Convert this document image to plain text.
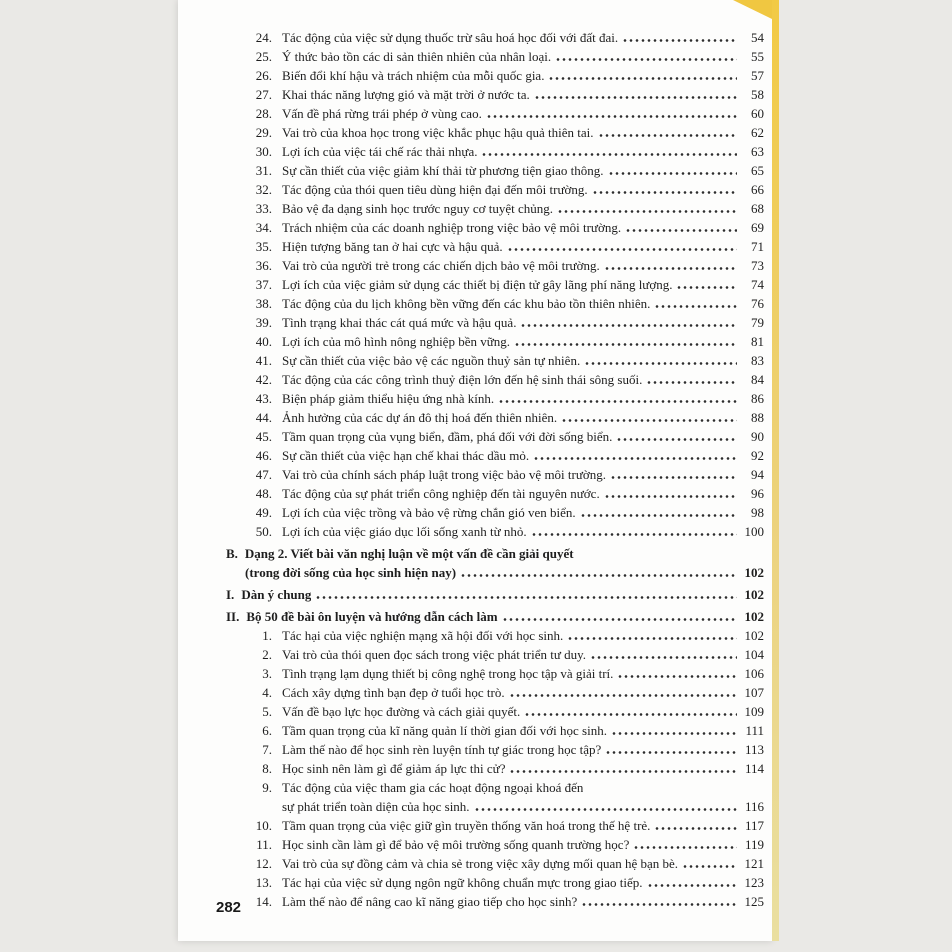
24. Tác động của việc sử dụng thuốc trừ sâu hoá học đối với đất đai.	54
25. Ý thức bảo tồn các di sản thiên nhiên của nhân loại.	55
26. Biến đổi khí hậu và trách nhiệm của mỗi quốc gia.	57
27. Khai thác năng lượng gió và mặt trời ở nước ta.	58
28. Vấn đề phá rừng trái phép ở vùng cao.	60
29. Vai trò của khoa học trong việc khắc phục hậu quả thiên tai.	62
30. Lợi ích của việc tái chế rác thải nhựa.	63
31. Sự cần thiết của việc giảm khí thải từ phương tiện giao thông.	65
32. Tác động của thói quen tiêu dùng hiện đại đến môi trường.	66
33. Bảo vệ đa dạng sinh học trước nguy cơ tuyệt chủng.	68
34. Trách nhiệm của các doanh nghiệp trong việc bảo vệ môi trường.	69
35. Hiện tượng băng tan ở hai cực và hậu quả.	71
36. Vai trò của người trẻ trong các chiến dịch bảo vệ môi trường.	73
37. Lợi ích của việc giảm sử dụng các thiết bị điện tử gây lãng phí năng lượng.	74
38. Tác động của du lịch không bền vững đến các khu bảo tồn thiên nhiên.	76
39. Tình trạng khai thác cát quá mức và hậu quả.	79
40. Lợi ích của mô hình nông nghiệp bền vững.	81
41. Sự cần thiết của việc bảo vệ các nguồn thuỷ sản tự nhiên.	83
42. Tác động của các công trình thuỷ điện lớn đến hệ sinh thái sông suối.	84
43. Biện pháp giảm thiểu hiệu ứng nhà kính.	86
44. Ảnh hưởng của các dự án đô thị hoá đến thiên nhiên.	88
45. Tầm quan trọng của vụng biển, đầm, phá đối với đời sống biển.	90
46. Sự cần thiết của việc hạn chế khai thác dầu mỏ.	92
47. Vai trò của chính sách pháp luật trong việc bảo vệ môi trường.	94
48. Tác động của sự phát triển công nghiệp đến tài nguyên nước.	96
49. Lợi ích của việc trồng và bảo vệ rừng chắn gió ven biển.	98
50. Lợi ích của việc giáo dục lối sống xanh từ nhỏ.	100
B. Dạng 2. Viết bài văn nghị luận về một vấn đề cần giải quyết
(trong đời sống của học sinh hiện nay)	102
I. Dàn ý chung	102
II. Bộ 50 đề bài ôn luyện và hướng dẫn cách làm	102
1. Tác hại của việc nghiện mạng xã hội đối với học sinh.	102
2. Vai trò của thói quen đọc sách trong việc phát triển tư duy.	104
3. Tình trạng lạm dụng thiết bị công nghệ trong học tập và giải trí.	106
4. Cách xây dựng tình bạn đẹp ở tuổi học trò.	107
5. Vấn đề bạo lực học đường và cách giải quyết.	109
6. Tầm quan trọng của kĩ năng quản lí thời gian đối với học sinh.	111
7. Làm thế nào để học sinh rèn luyện tính tự giác trong học tập?	113
8. Học sinh nên làm gì để giảm áp lực thi cử?	114
9. Tác động của việc tham gia các hoạt động ngoại khoá đến
sự phát triển toàn diện của học sinh.	116
10. Tầm quan trọng của việc giữ gìn truyền thống văn hoá trong thế hệ trẻ.	117
11. Học sinh cần làm gì để bảo vệ môi trường sống quanh trường học?	119
12. Vai trò của sự đồng cảm và chia sẻ trong việc xây dựng mối quan hệ bạn bè.	121
13. Tác hại của việc sử dụng ngôn ngữ không chuẩn mực trong giao tiếp.	123
14. Làm thế nào để nâng cao kĩ năng giao tiếp cho học sinh?	125
282
